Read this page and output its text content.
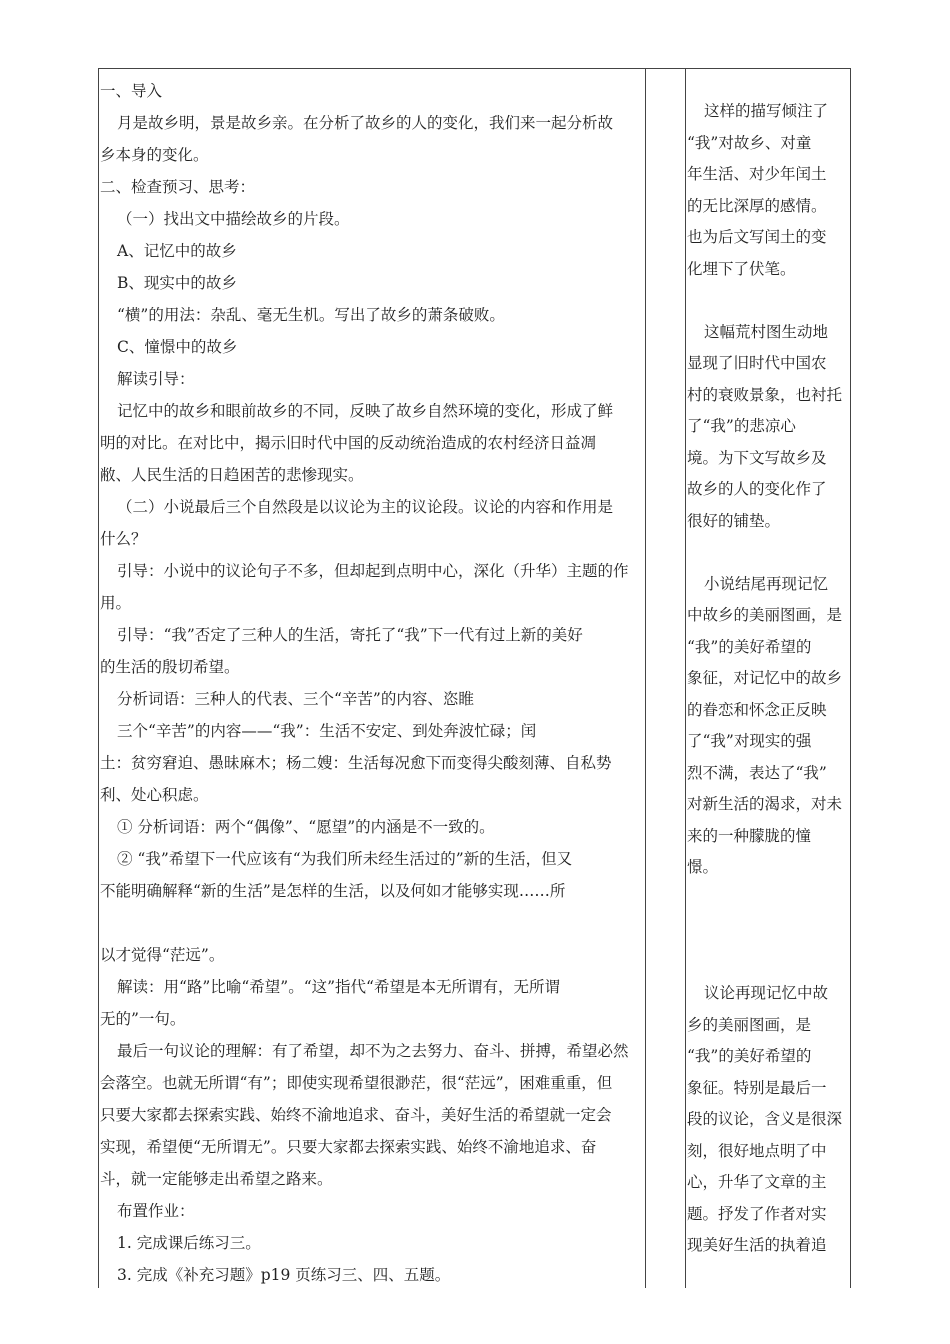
一、导入
月是故乡明，景是故乡亲。在分析了故乡的人的变化，我们来一起分析故
乡本身的变化。
二、检查预习、思考：
（一）找出文中描绘故乡的片段。
A、记忆中的故乡
B、现实中的故乡
“横”的用法：杂乱、毫无生机。写出了故乡的萧条破败。
C、憧憬中的故乡
解读引导：
记忆中的故乡和眼前故乡的不同，反映了故乡自然环境的变化，形成了鲜
明的对比。在对比中，揭示旧时代中国的反动统治造成的农村经济日益凋
敝、人民生活的日趋困苦的悲惨现实。
（二）小说最后三个自然段是以议论为主的议论段。议论的内容和作用是
什么？
引导：小说中的议论句子不多，但却起到点明中心，深化（升华）主题的作
用。
引导：“我”否定了三种人的生活，寄托了“我”下一代有过上新的美好
的生活的殷切希望。
分析词语：三种人的代表、三个“辛苦”的内容、恣睢
三个“辛苦”的内容——“我”：生活不安定、到处奔波忙碌；闰
土：贫穷窘迫、愚昧麻木；杨二嫂：生活每况愈下而变得尖酸刻薄、自私势
利、处心积虑。
① 分析词语：两个“偶像”、“愿望”的内涵是不一致的。
② “我”希望下一代应该有“为我们所未经生活过的”新的生活，但又
不能明确解释“新的生活”是怎样的生活，以及何如才能够实现……所
以才觉得“茫远”。
解读：用“路”比喻“希望”。“这”指代“希望是本无所谓有，无所谓
无的”一句。
最后一句议论的理解：有了希望，却不为之去努力、奋斗、拼搏，希望必然
会落空。也就无所谓“有”；即使实现希望很渺茫，很“茫远”，困难重重，但
只要大家都去探索实践、始终不渝地追求、奋斗，美好生活的希望就一定会
实现，希望便“无所谓无”。只要大家都去探索实践、始终不渝地追求、奋
斗，就一定能够走出希望之路来。
布置作业：
1. 完成课后练习三。
3. 完成《补充习题》p19 页练习三、四、五题。
这样的描写倾注了
“我”对故乡、对童
年生活、对少年闰土
的无比深厚的感情。
也为后文写闰土的变
化埋下了伏笔。
这幅荒村图生动地
显现了旧时代中国农
村的衰败景象，也衬托
了“我”的悲凉心
境。为下文写故乡及
故乡的人的变化作了
很好的铺垫。
小说结尾再现记忆
中故乡的美丽图画，是
“我”的美好希望的
象征，对记忆中的故乡
的眷恋和怀念正反映
了“我”对现实的强
烈不满，表达了“我”
对新生活的渴求，对未
来的一种朦胧的憧
憬。
议论再现记忆中故
乡的美丽图画，是
“我”的美好希望的
象征。特别是最后一
段的议论，含义是很深
刻，很好地点明了中
心，升华了文章的主
题。抒发了作者对实
现美好生活的执着追
